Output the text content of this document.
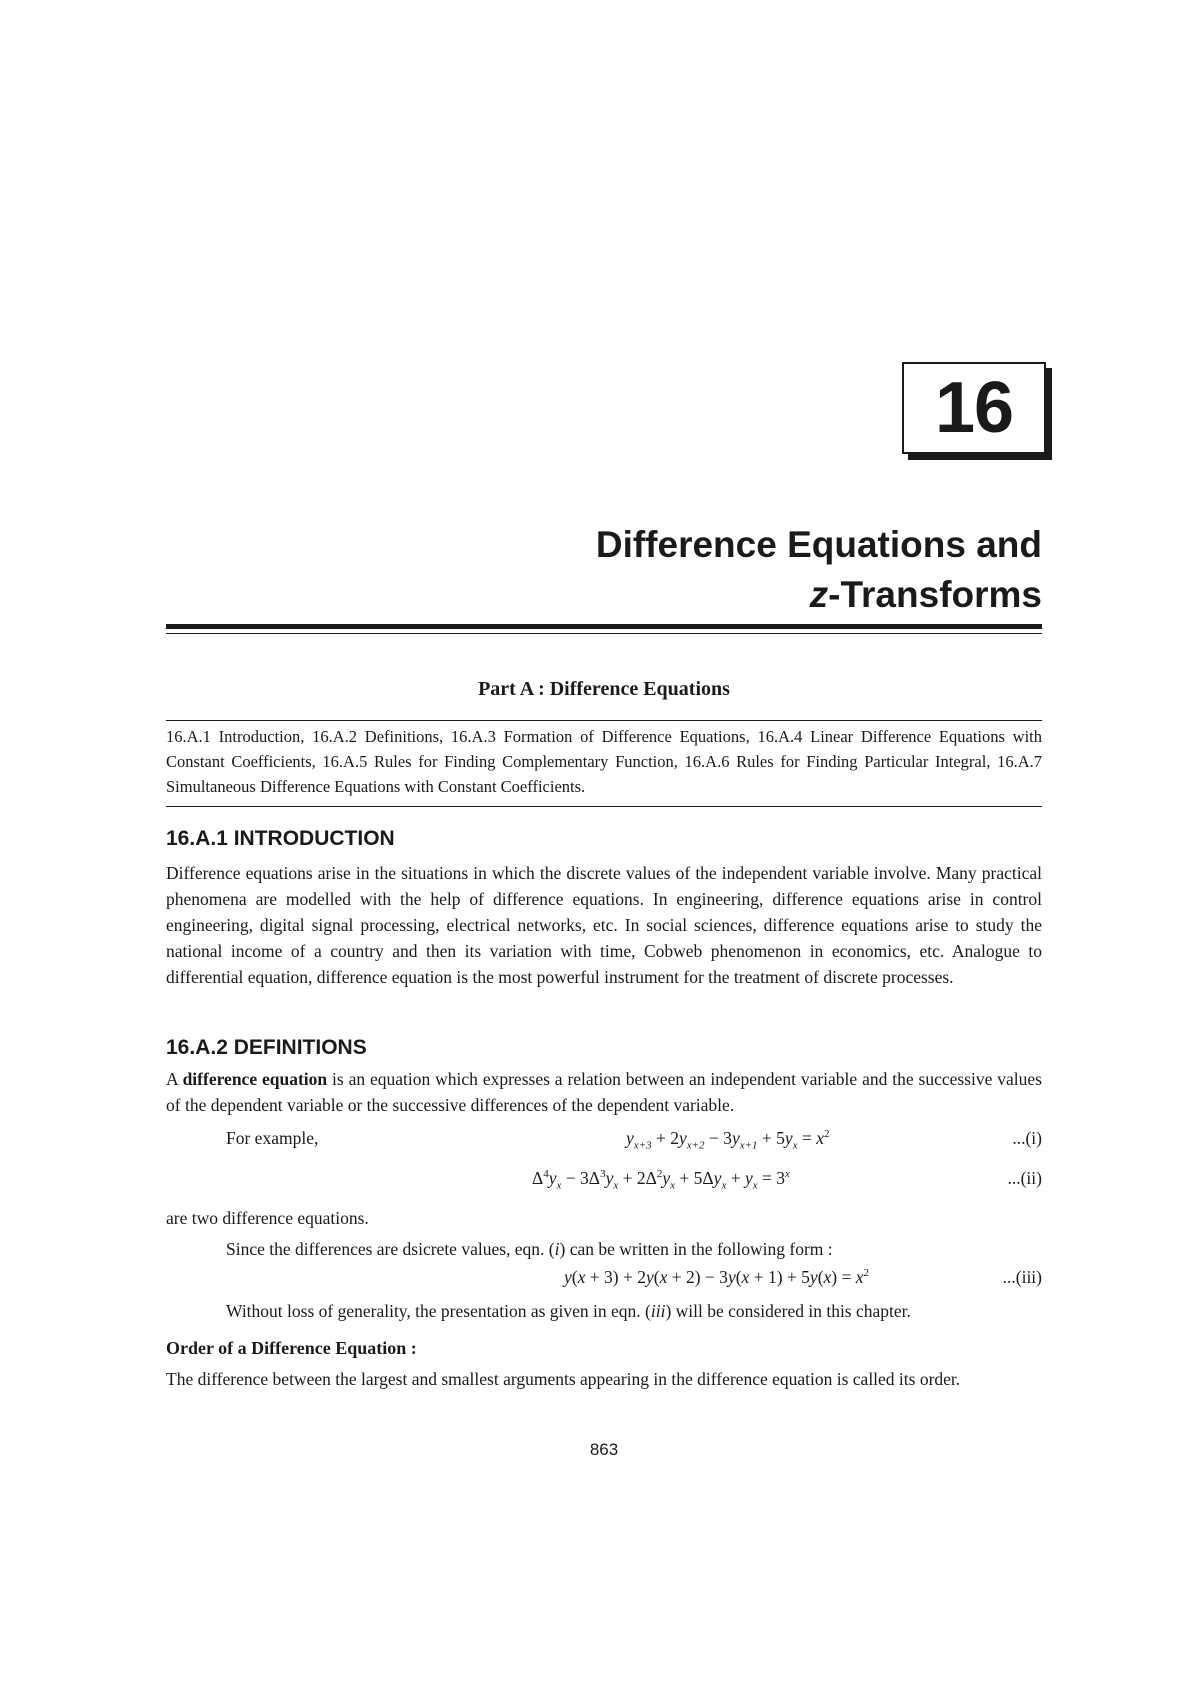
16
Difference Equations and
z-Transforms
Part A : Difference Equations
16.A.1 Introduction, 16.A.2 Definitions, 16.A.3 Formation of Difference Equations, 16.A.4 Linear Difference Equations with Constant Coefficients, 16.A.5 Rules for Finding Complementary Function, 16.A.6 Rules for Finding Particular Integral, 16.A.7 Simultaneous Difference Equations with Constant Coefficients.
16.A.1 INTRODUCTION
Difference equations arise in the situations in which the discrete values of the independent variable involve. Many practical phenomena are modelled with the help of difference equations. In engineering, difference equations arise in control engineering, digital signal processing, electrical networks, etc. In social sciences, difference equations arise to study the national income of a country and then its variation with time, Cobweb phenomenon in economics, etc. Analogue to differential equation, difference equation is the most powerful instrument for the treatment of discrete processes.
16.A.2 DEFINITIONS
A difference equation is an equation which expresses a relation between an independent variable and the successive values of the dependent variable or the successive differences of the dependent variable.
For example,	$y_{x+3} + 2y_{x+2} - 3y_{x+1} + 5y_x = x^2$	...(i)
$\Delta^4y_x - 3\Delta^3y_x + 2\Delta^2y_x + 5\Delta y_x + y_x = 3^x$	...(ii)
are two difference equations.
Since the differences are dsicrete values, eqn. (i) can be written in the following form :
$y(x + 3) + 2y(x + 2) - 3y(x + 1) + 5y(x) = x^2$	...(iii)
Without loss of generality, the presentation as given in eqn. (iii) will be considered in this chapter.
Order of a Difference Equation :
The difference between the largest and smallest arguments appearing in the difference equation is called its order.
863
